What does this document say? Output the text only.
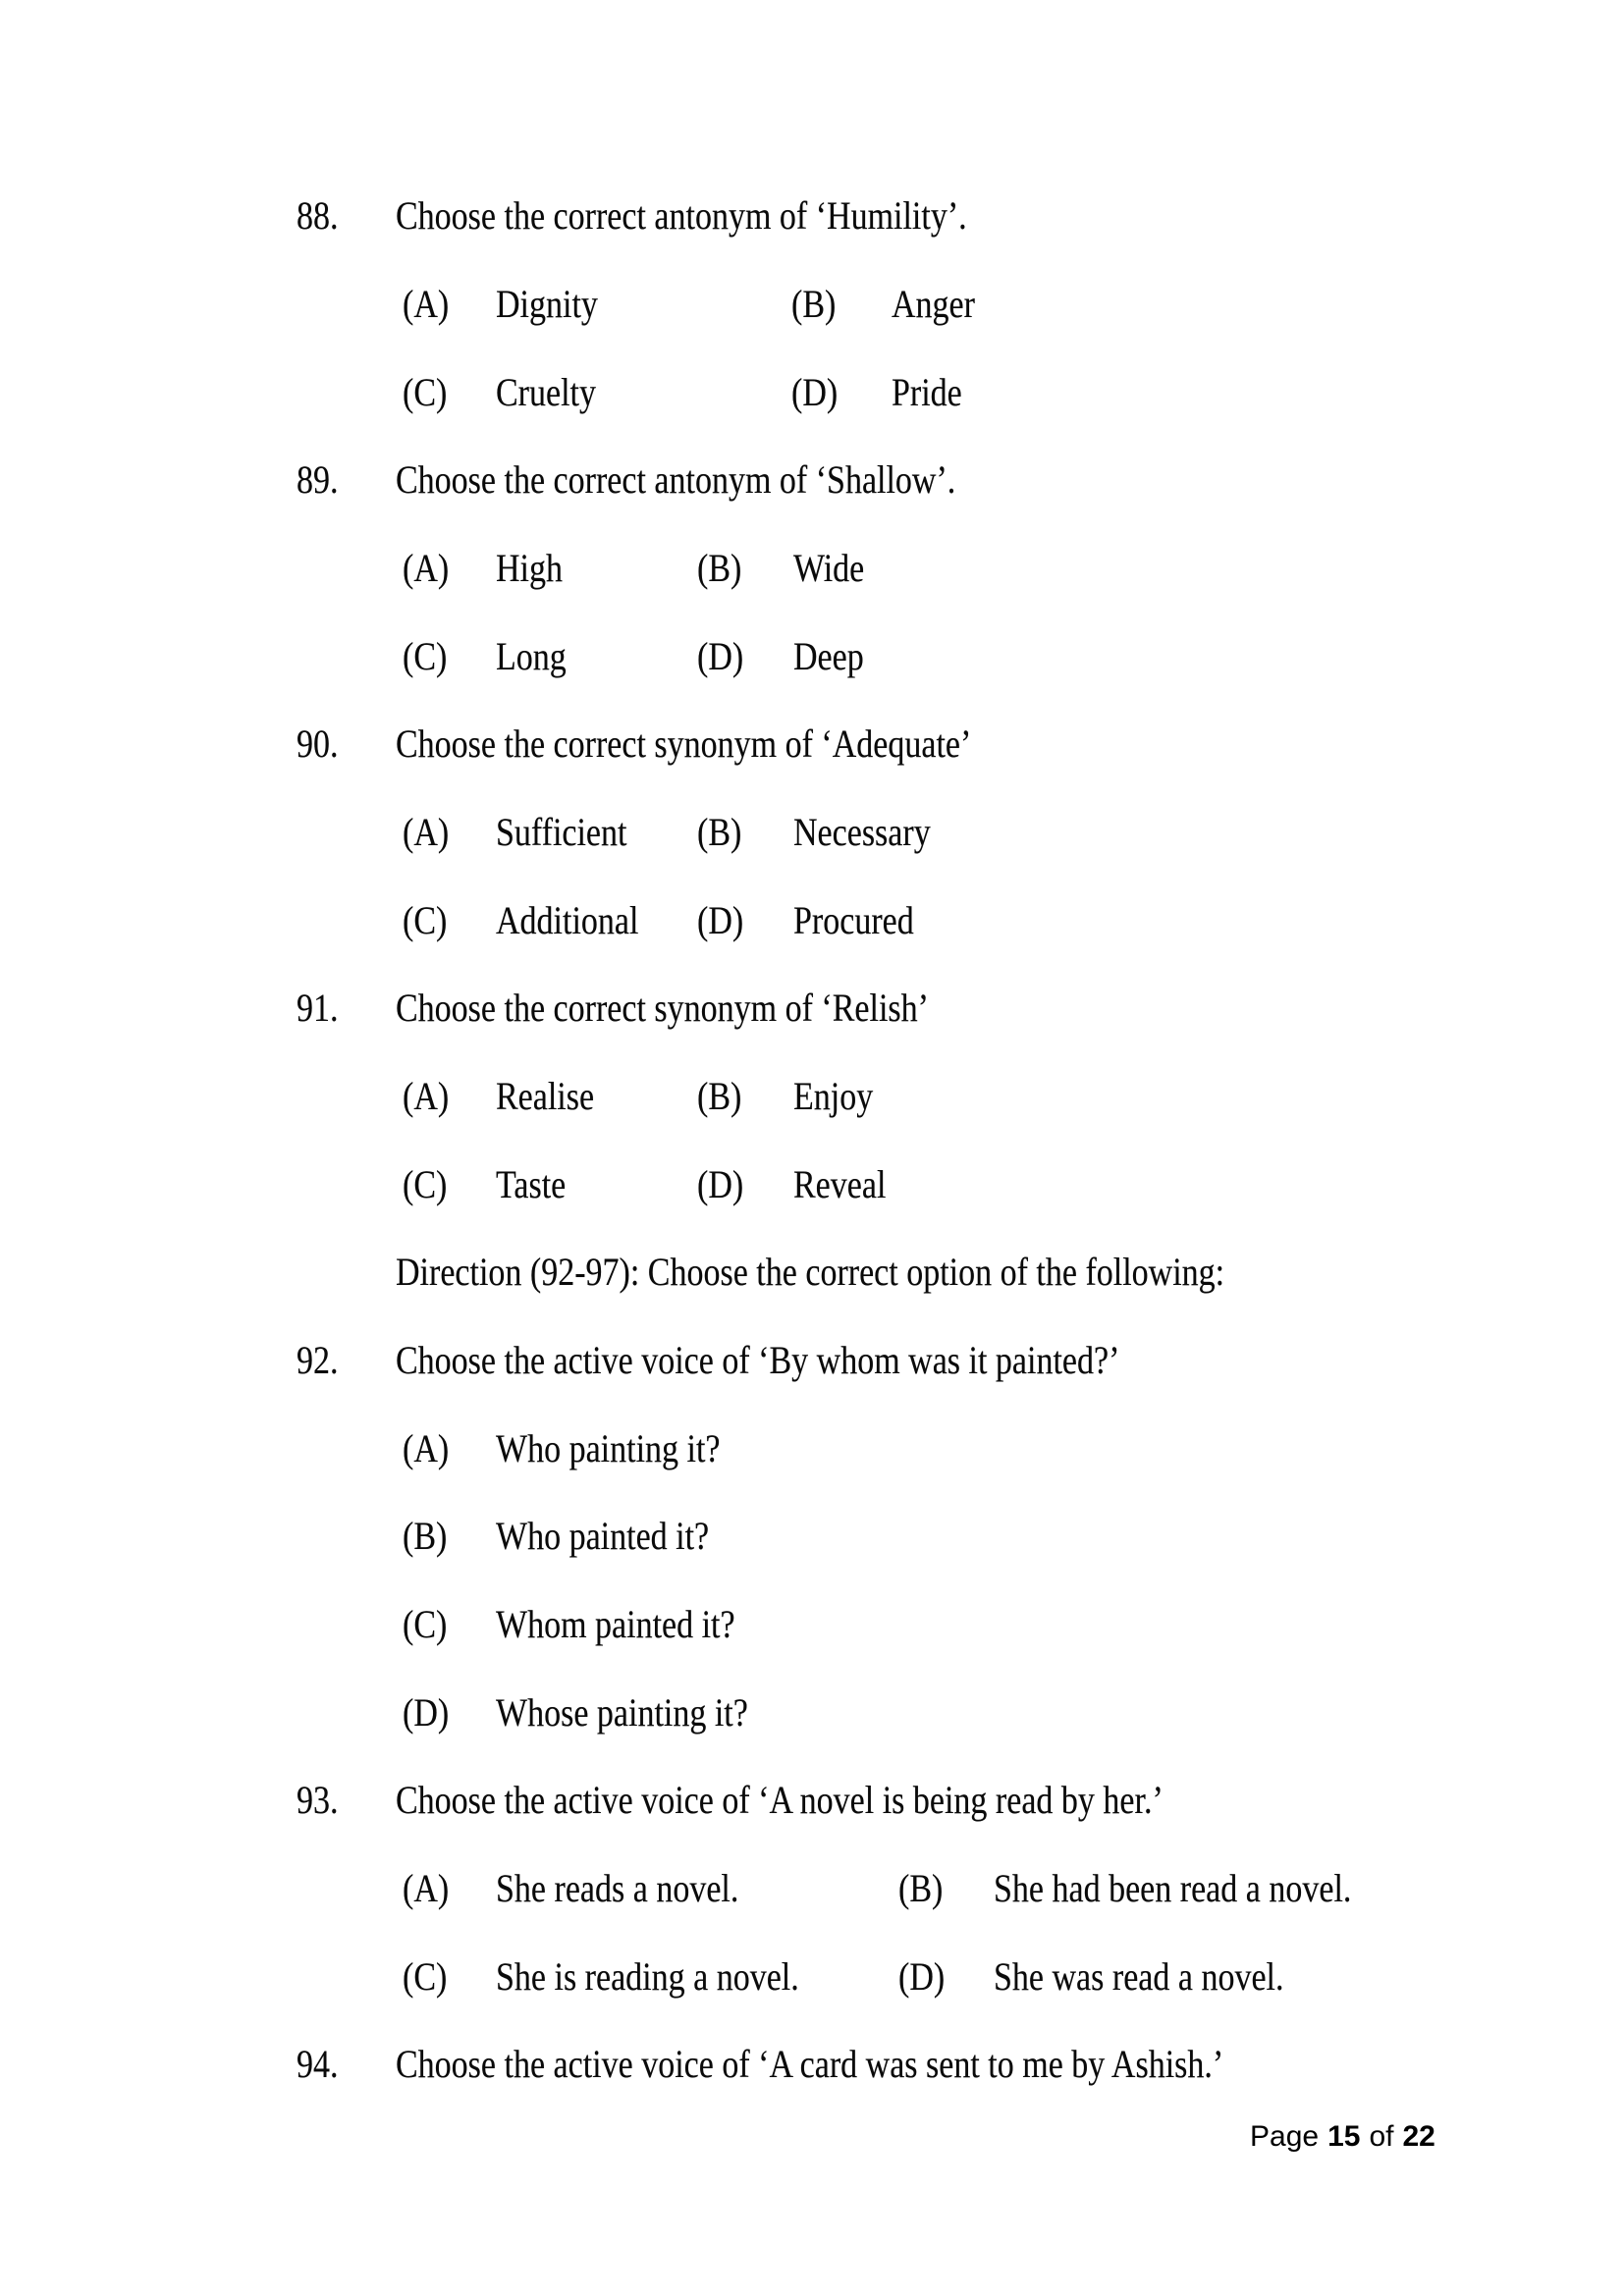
88. Choose the correct antonym of ‘Humility’.
(A) Dignity	(B) Anger
(C) Cruelty	(D) Pride
89. Choose the correct antonym of ‘Shallow’.
(A) High	(B) Wide
(C) Long	(D) Deep
90. Choose the correct synonym of ‘Adequate’
(A) Sufficient (B) Necessary
(C) Additional (D) Procured
91. Choose the correct synonym of ‘Relish’
(A) Realise	(B) Enjoy
(C) Taste	(D) Reveal
Direction (92-97): Choose the correct option of the following:
92. Choose the active voice of ‘By whom was it painted?’
(A) Who painting it?
(B) Who painted it?
(C) Whom painted it?
(D) Whose painting it?
93. Choose the active voice of ‘A novel is being read by her.’
(A) She reads a novel.	(B) She had been read a novel.
(C) She is reading a novel.	(D) She was read a novel.
94. Choose the active voice of ‘A card was sent to me by Ashish.’
Page 15 of 22
